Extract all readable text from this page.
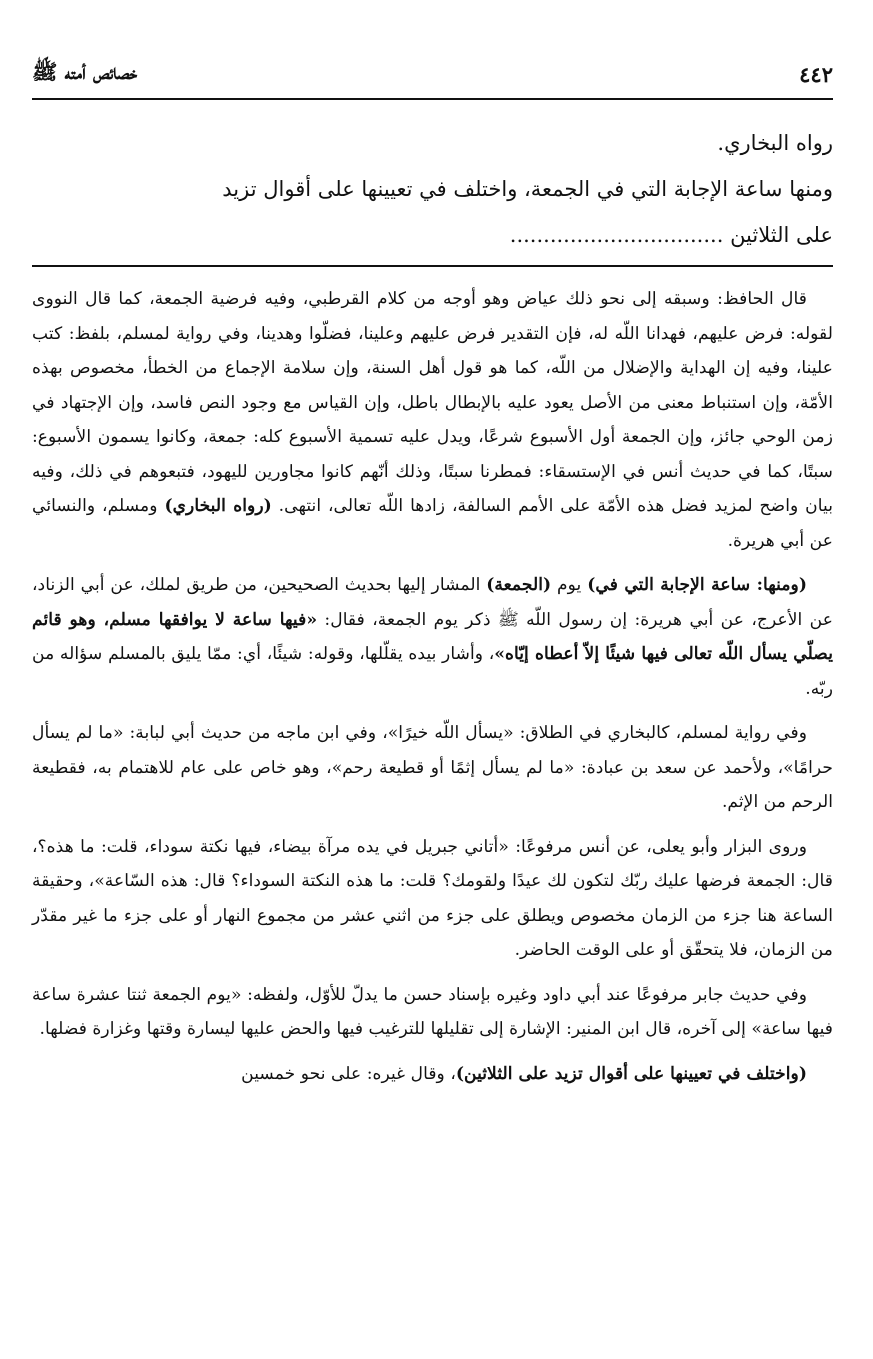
٤٤٢
خصائص أمته ﷺ

رواه البخاري.

ومنها ساعة الإجابة التي في الجمعة، واختلف في تعيينها على أقوال تزيد

على الثلاثين ................................

قال الحافظ: وسبقه إلى نحو ذلك عياض وهو أوجه من كلام القرطبي، وفيه فرضية الجمعة، كما قال النووى لقوله: فرض عليهم، فهدانا اللّه له، فإن التقدير فرض عليهم وعلينا، فضلّوا وهدينا، وفي رواية لمسلم، بلفظ: كتب علينا، وفيه إن الهداية والإضلال من اللّه، كما هو قول أهل السنة، وإن سلامة الإجماع من الخطأ، مخصوص بهذه الأمّة، وإن استنباط معنى من الأصل يعود عليه بالإبطال باطل، وإن القياس مع وجود النص فاسد، وإن الإجتهاد في زمن الوحي جائز، وإن الجمعة أول الأسبوع شرعًا، ويدل عليه تسمية الأسبوع كله: جمعة، وكانوا يسمون الأسبوع: سبتًا، كما في حديث أنس في الإستسقاء: فمطرنا سبتًا، وذلك أنّهم كانوا مجاورين لليهود، فتبعوهم في ذلك، وفيه بيان واضح لمزيد فضل هذه الأمّة على الأمم السالفة، زادها اللّه تعالى، انتهى. (رواه البخاري) ومسلم، والنسائي عن أبي هريرة.

(ومنها: ساعة الإجابة التي في) يوم (الجمعة) المشار إليها بحديث الصحيحين، من طريق لملك، عن أبي الزناد، عن الأعرج، عن أبي هريرة: إن رسول اللّه ﷺ ذكر يوم الجمعة، فقال: «فيها ساعة لا يوافقها مسلم، وهو قائم يصلّي يسأل اللّه تعالى فيها شيئًا إلاّ أعطاه إيّاه»، وأشار بيده يقلّلها، وقوله: شيئًا، أي: ممّا يليق بالمسلم سؤاله من ربّه.

وفي رواية لمسلم، كالبخاري في الطلاق: «يسأل اللّه خيرًا»، وفي ابن ماجه من حديث أبي لبابة: «ما لم يسأل حرامًا»، ولأحمد عن سعد بن عبادة: «ما لم يسأل إثمًا أو قطيعة رحم»، وهو خاص على عام للاهتمام به، فقطيعة الرحم من الإثم.

وروى البزار وأبو يعلى، عن أنس مرفوعًا: «أتاني جبريل في يده مرآة بيضاء، فيها نكتة سوداء، قلت: ما هذه؟، قال: الجمعة فرضها عليك ربّك لتكون لك عيدًا ولقومك؟ قلت: ما هذه النكتة السوداء؟ قال: هذه السّاعة»، وحقيقة الساعة هنا جزء من الزمان مخصوص ويطلق على جزء من اثني عشر من مجموع النهار أو على جزء ما غير مقدّر من الزمان، فلا يتحقّق أو على الوقت الحاضر.

وفي حديث جابر مرفوعًا عند أبي داود وغيره بإسناد حسن ما يدلّ للأوّل، ولفظه: «يوم الجمعة ثنتا عشرة ساعة فيها ساعة» إلى آخره، قال ابن المنير: الإشارة إلى تقليلها للترغيب فيها والحض عليها ليسارة وقتها وغزارة فضلها.

(واختلف في تعيينها على أقوال تزيد على الثلاثين)، وقال غيره: على نحو خمسين
